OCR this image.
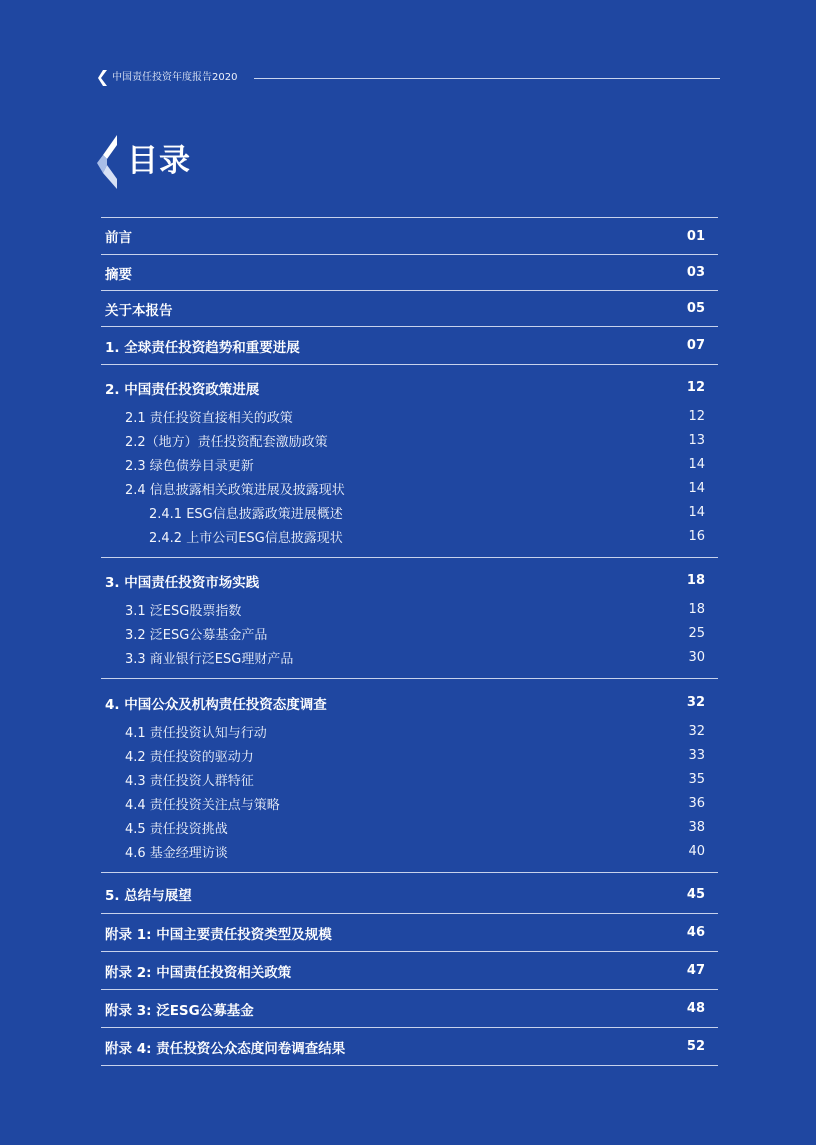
中国责任投资年度报告2020
目录
前言	01
摘要	03
关于本报告	05
1. 全球责任投资趋势和重要进展	07
2. 中国责任投资政策进展	12
2.1 责任投资直接相关的政策	12
2.2（地方）责任投资配套激励政策	13
2.3 绿色债券目录更新	14
2.4 信息披露相关政策进展及披露现状	14
2.4.1 ESG信息披露政策进展概述	14
2.4.2 上市公司ESG信息披露现状	16
3. 中国责任投资市场实践	18
3.1 泛ESG股票指数	18
3.2 泛ESG公募基金产品	25
3.3 商业银行泛ESG理财产品	30
4. 中国公众及机构责任投资态度调查	32
4.1 责任投资认知与行动	32
4.2 责任投资的驱动力	33
4.3 责任投资人群特征	35
4.4 责任投资关注点与策略	36
4.5 责任投资挑战	38
4.6 基金经理访谈	40
5. 总结与展望	45
附录 1: 中国主要责任投资类型及规模	46
附录 2: 中国责任投资相关政策	47
附录 3: 泛ESG公募基金	48
附录 4: 责任投资公众态度问卷调查结果	52
